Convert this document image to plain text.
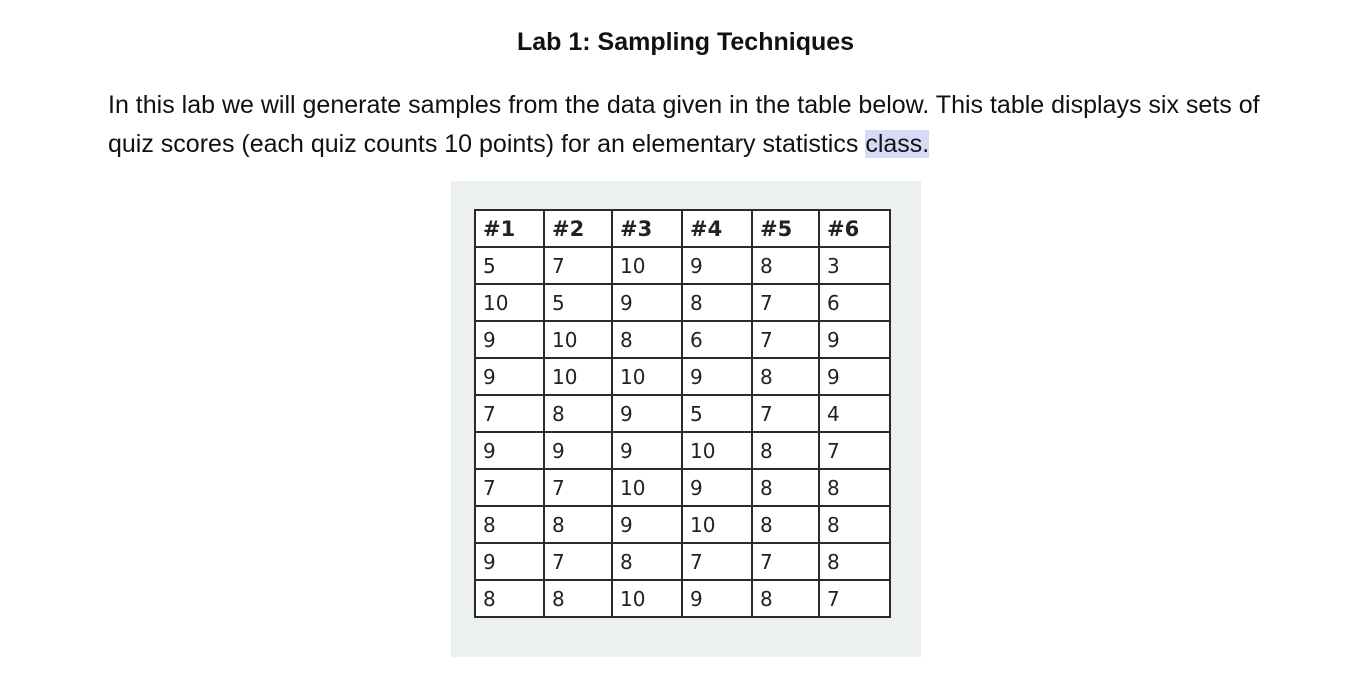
Lab 1: Sampling Techniques

In this lab we will generate samples from the data given in the table below. This table displays six sets of quiz scores (each quiz counts 10 points) for an elementary statistics class.

#1	#2	#3	#4	#5	#6
5	7	10	9	8	3
10	5	9	8	7	6
9	10	8	6	7	9
9	10	10	9	8	9
7	8	9	5	7	4
9	9	9	10	8	7
7	7	10	9	8	8
8	8	9	10	8	8
9	7	8	7	7	8
8	8	10	9	8	7
